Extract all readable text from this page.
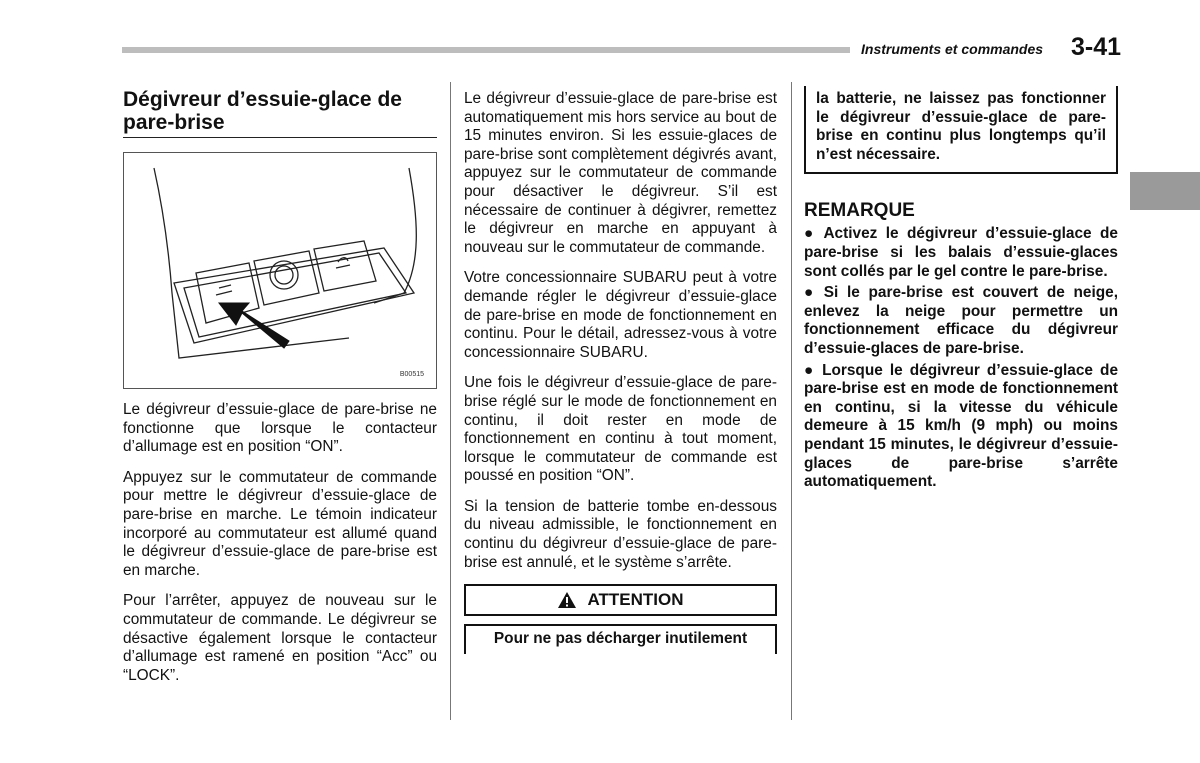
Instruments et commandes 3-41
Dégivreur d’essuie-glace de
pare-brise
B00515

Le dégivreur d’essuie-glace de pare-brise ne fonctionne que lorsque le contacteur d’allumage est en position “ON”.

Appuyez sur le commutateur de commande pour mettre le dégivreur d’essuie-glace de pare-brise en marche. Le témoin indicateur incorporé au commutateur est allumé quand le dégivreur d’essuie-glace de pare-brise est en marche.

Pour l’arrêter, appuyez de nouveau sur le commutateur de commande. Le dégivreur se désactive également lorsque le contacteur d’allumage est ramené en position “Acc” ou “LOCK”.

Le dégivreur d’essuie-glace de pare-brise est automatiquement mis hors service au bout de 15 minutes environ. Si les essuie-glaces de pare-brise sont complètement dégivrés avant, appuyez sur le commutateur de commande pour désactiver le dégivreur. S’il est nécessaire de continuer à dégivrer, remettez le dégivreur en marche en appuyant à nouveau sur le commutateur de commande.

Votre concessionnaire SUBARU peut à votre demande régler le dégivreur d’essuie-glace de pare-brise en mode de fonctionnement en continu. Pour le détail, adressez-vous à votre concessionnaire SUBARU.

Une fois le dégivreur d’essuie-glace de pare-brise réglé sur le mode de fonctionnement en continu, il doit rester en mode de fonctionnement en continu à tout moment, lorsque le commutateur de commande est poussé en position “ON”.

Si la tension de batterie tombe en-dessous du niveau admissible, le fonctionnement en continu du dégivreur d’essuie-glace de pare-brise est annulé, et le système s’arrête.

ATTENTION
Pour ne pas décharger inutilement
la batterie, ne laissez pas fonctionner le dégivreur d’essuie-glace de pare-brise en continu plus longtemps qu’il n’est nécessaire.
REMARQUE
● Activez le dégivreur d’essuie-glace de pare-brise si les balais d’essuie-glaces sont collés par le gel contre le pare-brise.
● Si le pare-brise est couvert de neige, enlevez la neige pour permettre un fonctionnement efficace du dégivreur d’essuie-glaces de pare-brise.
● Lorsque le dégivreur d’essuie-glace de pare-brise est en mode de fonctionnement en continu, si la vitesse du véhicule demeure à 15 km/h (9 mph) ou moins pendant 15 minutes, le dégivreur d’essuie-glaces de pare-brise s’arrête automatiquement.
